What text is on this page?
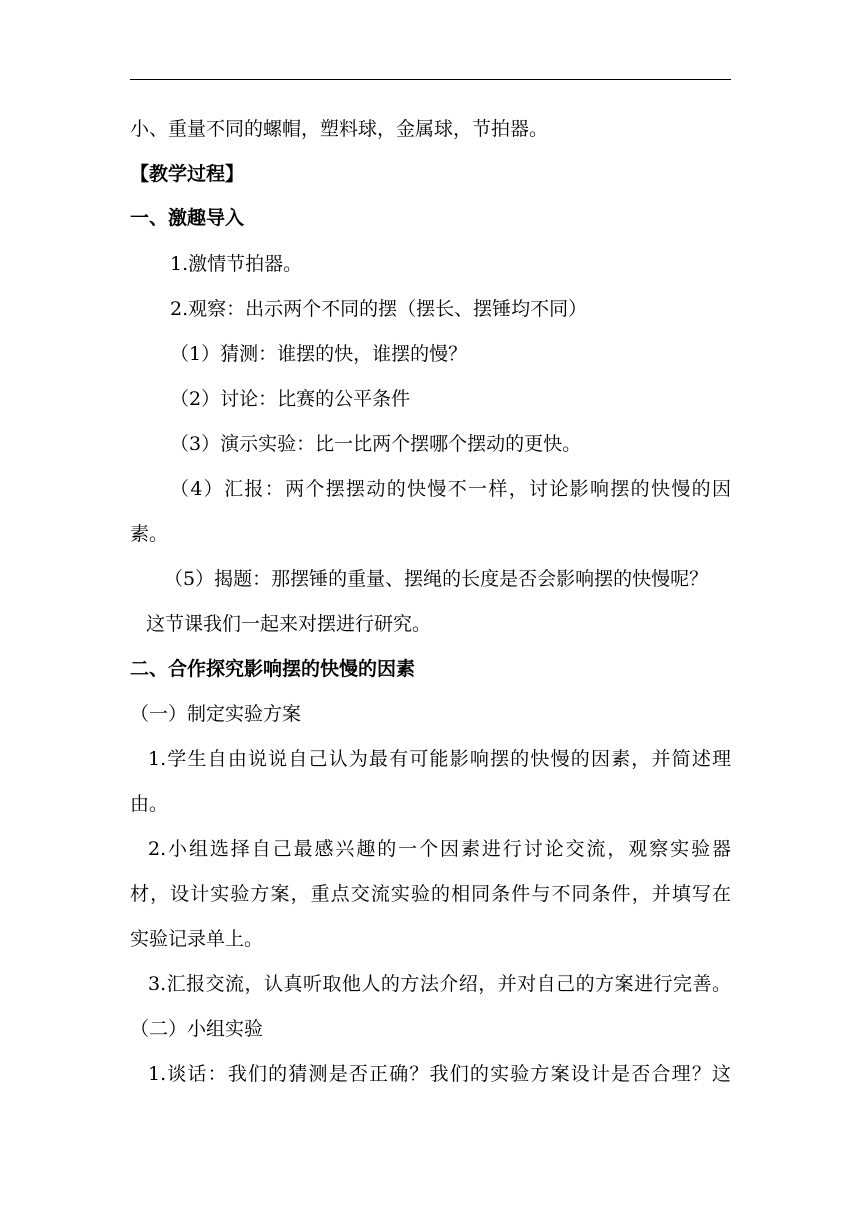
小、重量不同的螺帽，塑料球，金属球，节拍器。
【教学过程】
一、激趣导入
1.激情节拍器。
2.观察：出示两个不同的摆（摆长、摆锤均不同）
（1）猜测：谁摆的快，谁摆的慢？
（2）讨论：比赛的公平条件
（3）演示实验：比一比两个摆哪个摆动的更快。
（4）汇报：两个摆摆动的快慢不一样，讨论影响摆的快慢的因
素。
（5）揭题：那摆锤的重量、摆绳的长度是否会影响摆的快慢呢？
这节课我们一起来对摆进行研究。
二、合作探究影响摆的快慢的因素
（一）制定实验方案
1.学生自由说说自己认为最有可能影响摆的快慢的因素，并简述理
由。
2.小组选择自己最感兴趣的一个因素进行讨论交流，观察实验器
材，设计实验方案，重点交流实验的相同条件与不同条件，并填写在
实验记录单上。
3.汇报交流，认真听取他人的方法介绍，并对自己的方案进行完善。
（二）小组实验
1.谈话：我们的猜测是否正确？我们的实验方案设计是否合理？这
